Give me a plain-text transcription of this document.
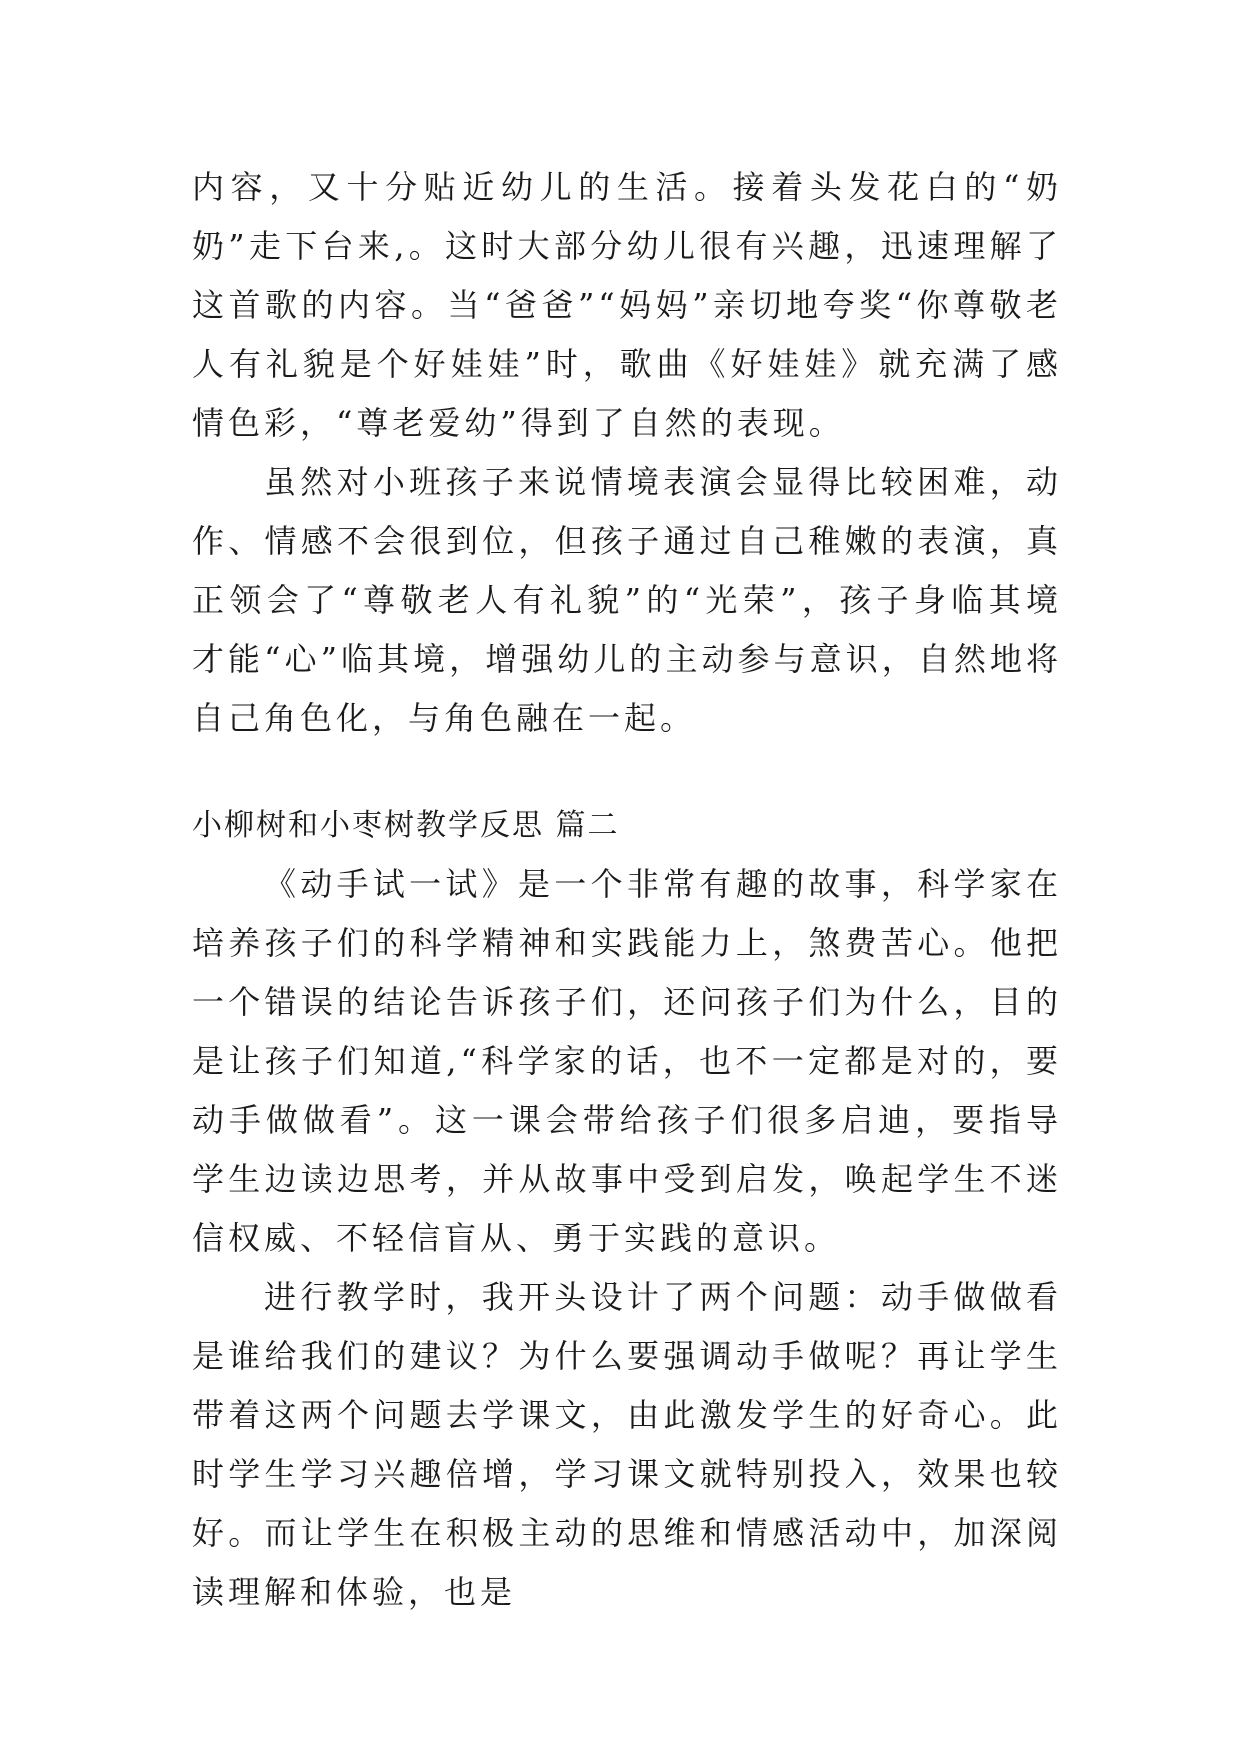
内容，又十分贴近幼儿的生活。接着头发花白的“奶奶”走下台来,。这时大部分幼儿很有兴趣，迅速理解了这首歌的内容。当“爸爸”“妈妈”亲切地夸奖“你尊敬老人有礼貌是个好娃娃”时，歌曲《好娃娃》就充满了感情色彩，“尊老爱幼”得到了自然的表现。

虽然对小班孩子来说情境表演会显得比较困难，动作、情感不会很到位，但孩子通过自己稚嫩的表演，真正领会了“尊敬老人有礼貌”的“光荣”，孩子身临其境才能“心”临其境，增强幼儿的主动参与意识，自然地将自己角色化，与角色融在一起。

小柳树和小枣树教学反思 篇二

《动手试一试》是一个非常有趣的故事，科学家在培养孩子们的科学精神和实践能力上，煞费苦心。他把一个错误的结论告诉孩子们，还问孩子们为什么，目的是让孩子们知道,“科学家的话，也不一定都是对的，要动手做做看”。这一课会带给孩子们很多启迪，要指导学生边读边思考，并从故事中受到启发，唤起学生不迷信权威、不轻信盲从、勇于实践的意识。

进行教学时，我开头设计了两个问题：动手做做看是谁给我们的建议？为什么要强调动手做呢？再让学生带着这两个问题去学课文，由此激发学生的好奇心。此时学生学习兴趣倍增，学习课文就特别投入，效果也较好。而让学生在积极主动的思维和情感活动中，加深阅读理解和体验，也是
